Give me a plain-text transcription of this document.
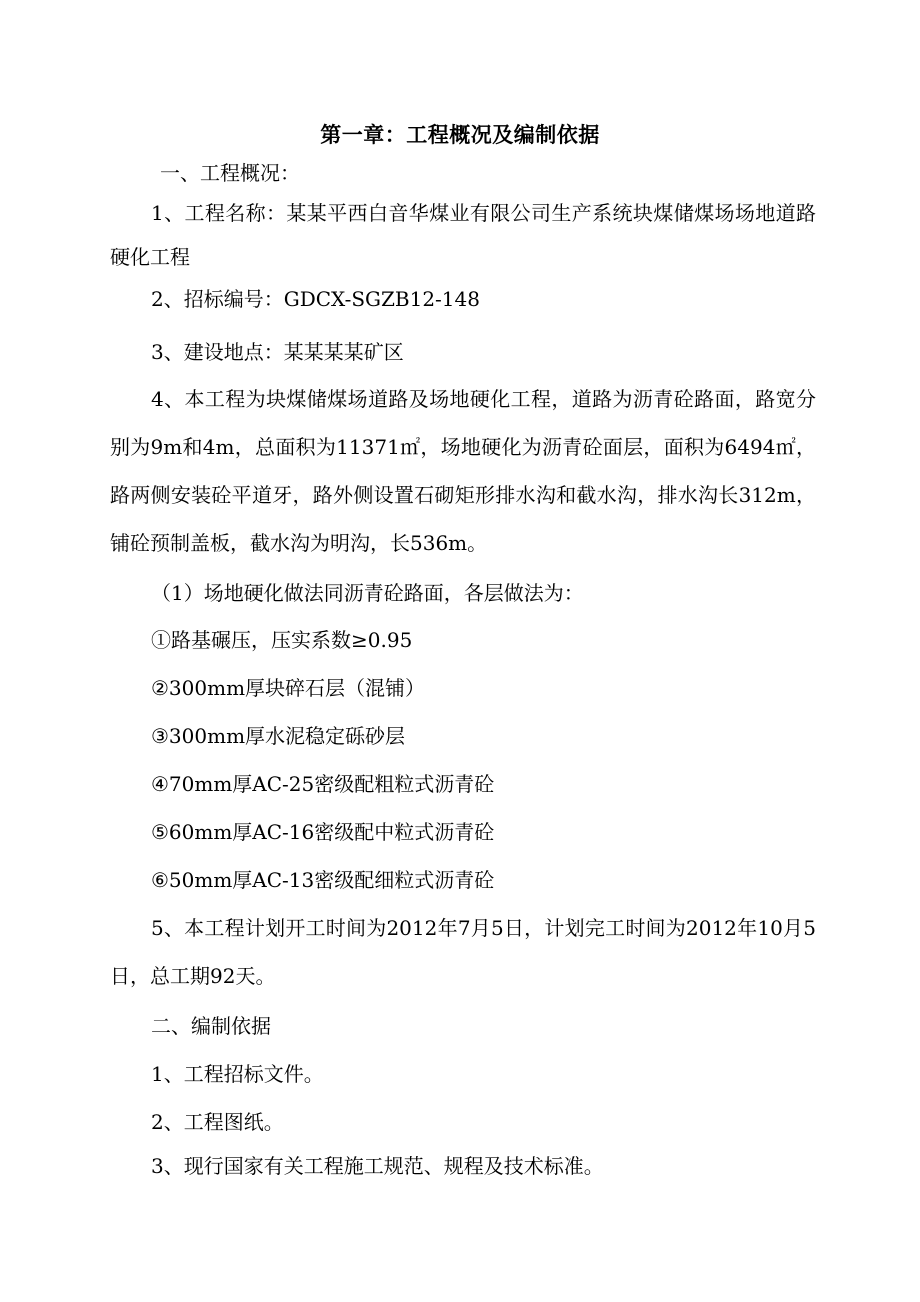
第一章：工程概况及编制依据
一、工程概况：
1、工程名称：某某平西白音华煤业有限公司生产系统块煤储煤场场地道路硬化工程
2、招标编号：GDCX-SGZB12-148
3、建设地点：某某某某矿区
4、本工程为块煤储煤场道路及场地硬化工程，道路为沥青砼路面，路宽分别为9m和4m，总面积为11371㎡，场地硬化为沥青砼面层，面积为6494㎡，路两侧安装砼平道牙，路外侧设置石砌矩形排水沟和截水沟，排水沟长312m，铺砼预制盖板，截水沟为明沟，长536m。
（1）场地硬化做法同沥青砼路面，各层做法为：
①路基碾压，压实系数≥0.95
②300mm厚块碎石层（混铺）
③300mm厚水泥稳定砾砂层
④70mm厚AC-25密级配粗粒式沥青砼
⑤60mm厚AC-16密级配中粒式沥青砼
⑥50mm厚AC-13密级配细粒式沥青砼
5、本工程计划开工时间为2012年7月5日，计划完工时间为2012年10月5日，总工期92天。
二、编制依据
1、工程招标文件。
2、工程图纸。
3、现行国家有关工程施工规范、规程及技术标准。
